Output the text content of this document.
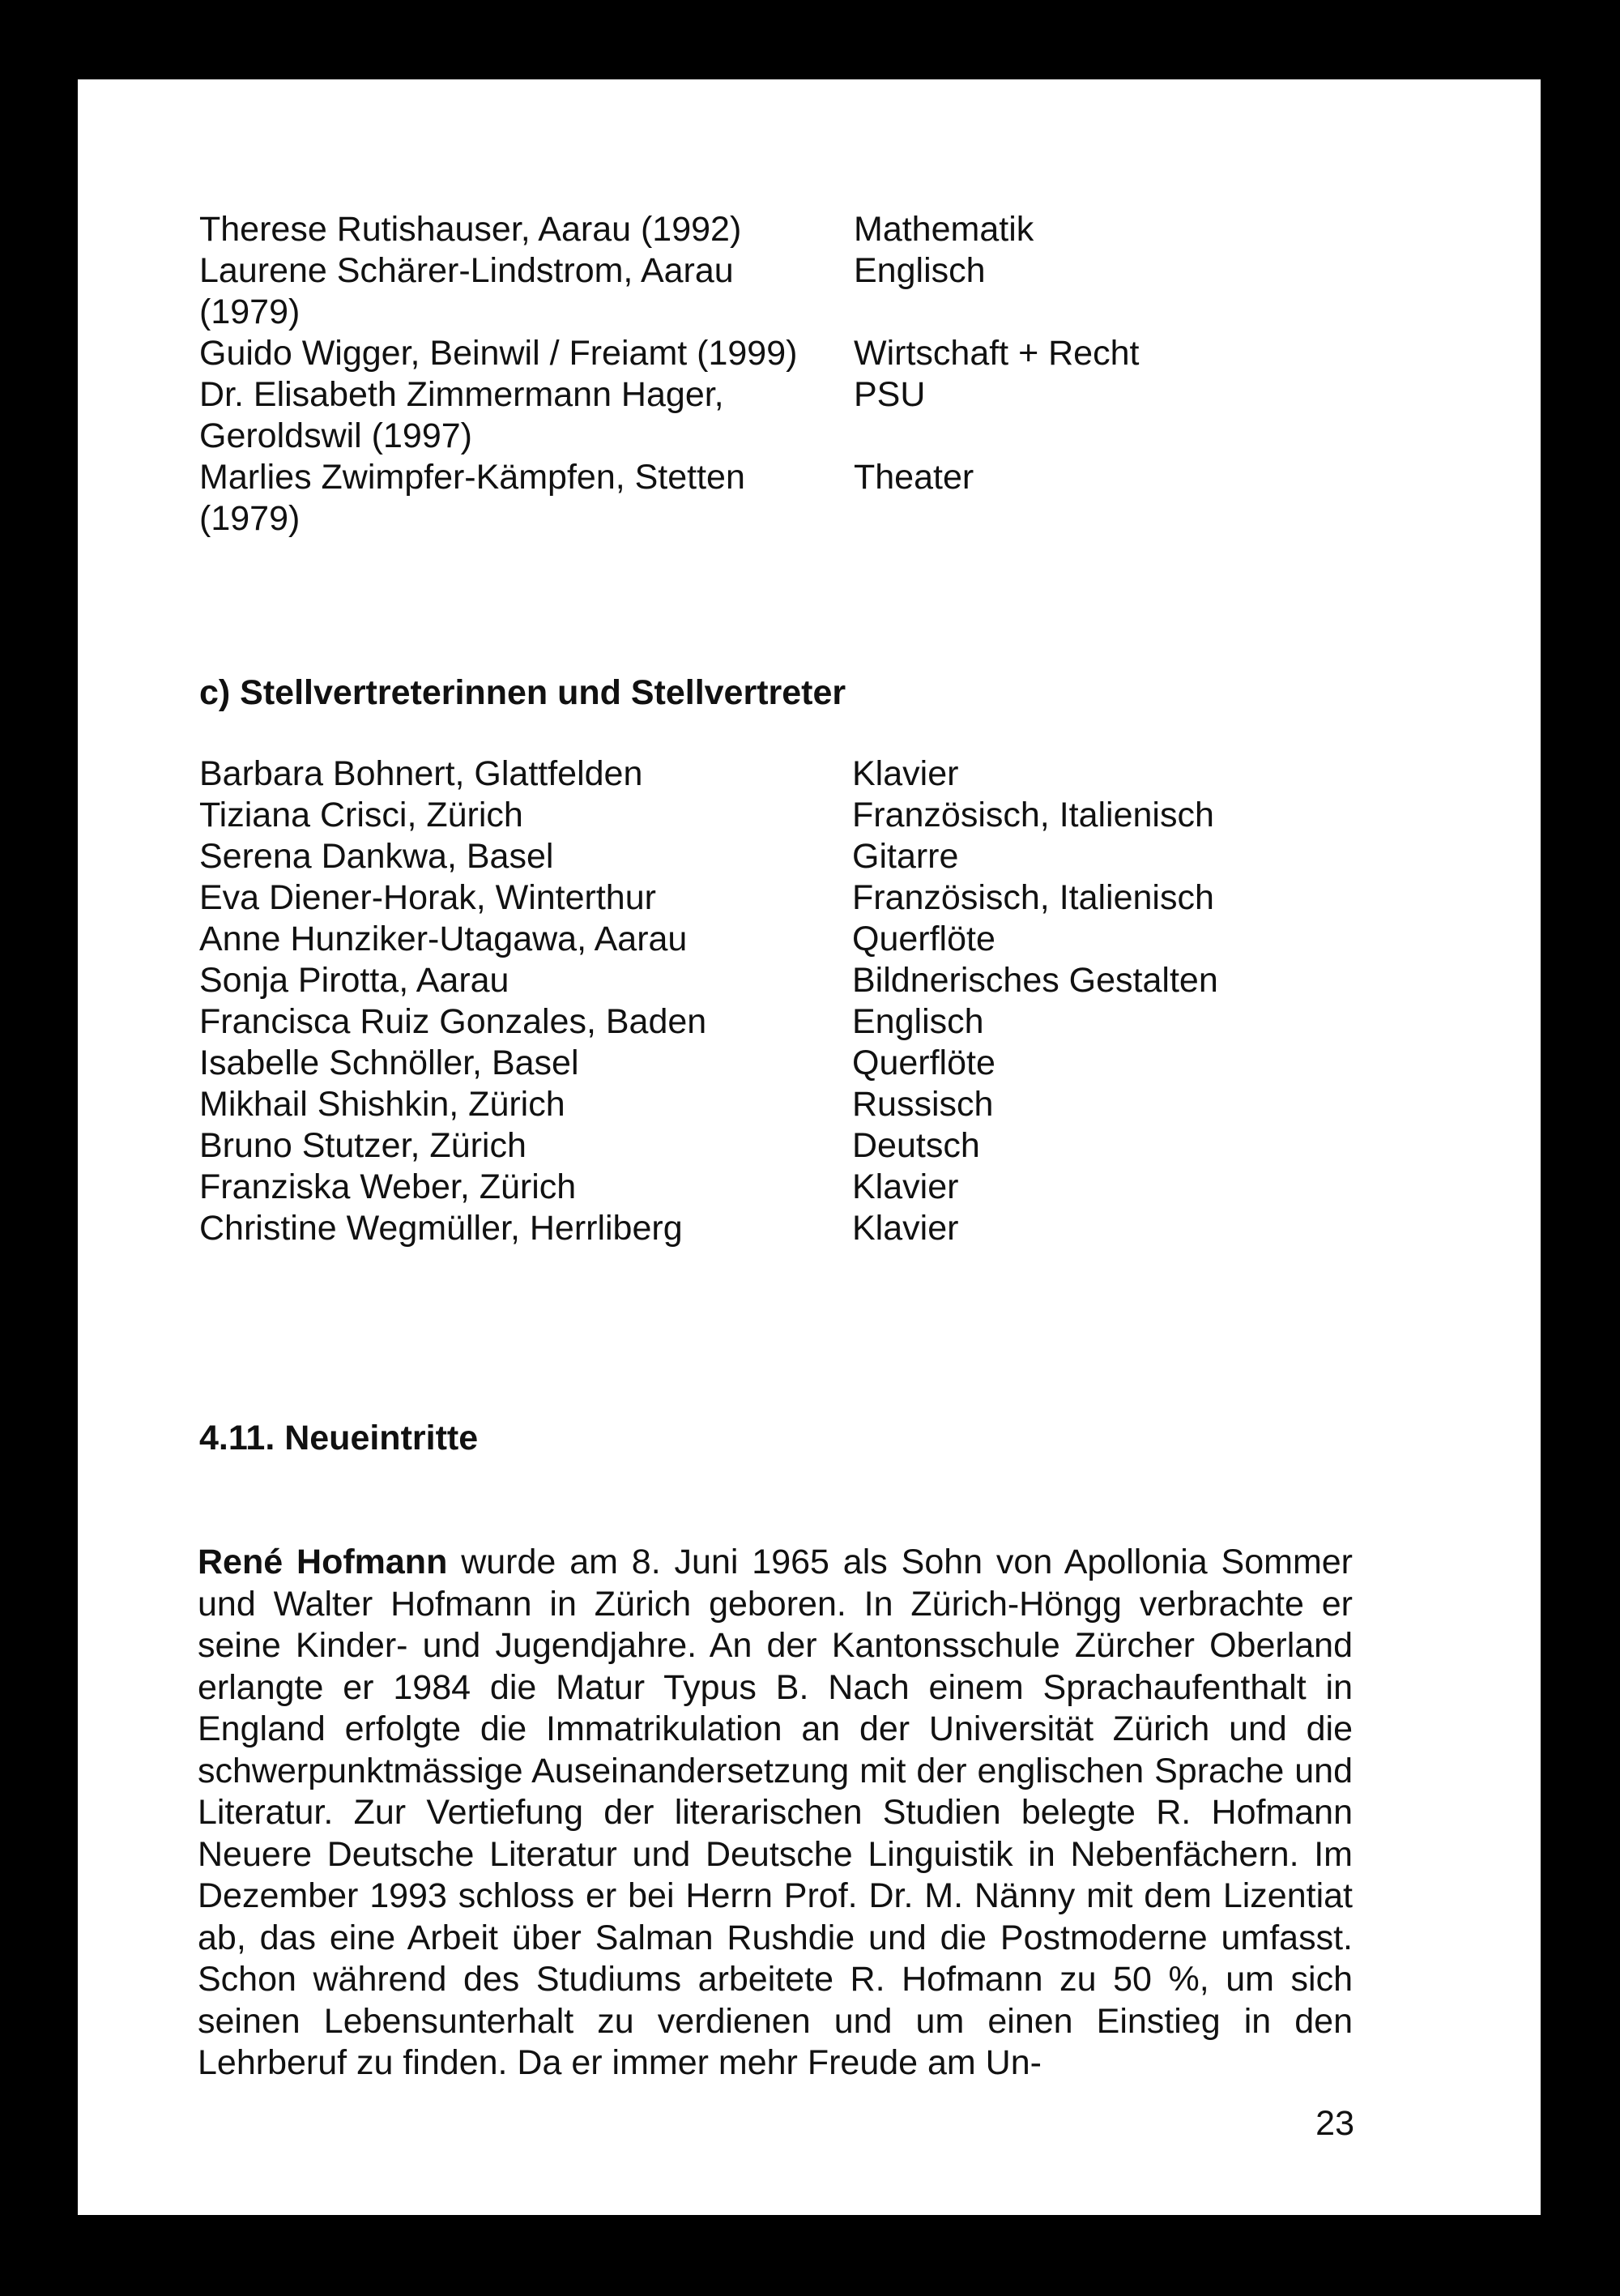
Therese Rutishauser, Aarau (1992)	Mathematik
Laurene Schärer-Lindstrom, Aarau	Englisch
(1979)
Guido Wigger, Beinwil / Freiamt (1999)	Wirtschaft + Recht
Dr. Elisabeth Zimmermann Hager,	PSU
Geroldswil (1997)
Marlies Zwimpfer-Kämpfen, Stetten	Theater
(1979)
c) Stellvertreterinnen und Stellvertreter
Barbara Bohnert, Glattfelden	Klavier
Tiziana Crisci, Zürich	Französisch, Italienisch
Serena Dankwa, Basel	Gitarre
Eva Diener-Horak, Winterthur	Französisch, Italienisch
Anne Hunziker-Utagawa, Aarau	Querflöte
Sonja Pirotta, Aarau	Bildnerisches Gestalten
Francisca Ruiz Gonzales, Baden	Englisch
Isabelle Schnöller, Basel	Querflöte
Mikhail Shishkin, Zürich	Russisch
Bruno Stutzer, Zürich	Deutsch
Franziska Weber, Zürich	Klavier
Christine Wegmüller, Herrliberg	Klavier
4.11. Neueintritte

René Hofmann wurde am 8. Juni 1965 als Sohn von Apollonia Sommer und Walter Hofmann in Zürich geboren. In Zürich-Höngg verbrachte er seine Kinder- und Jugendjahre. An der Kantonsschule Zürcher Oberland erlangte er 1984 die Matur Typus B. Nach einem Sprachaufenthalt in England erfolgte die Immatrikulation an der Universität Zürich und die schwerpunktmässige Auseinandersetzung mit der englischen Sprache und Literatur. Zur Vertiefung der literarischen Studien belegte R. Hofmann Neuere Deutsche Literatur und Deutsche Linguistik in Nebenfächern. Im Dezember 1993 schloss er bei Herrn Prof. Dr. M. Nänny mit dem Lizentiat ab, das eine Arbeit über Salman Rushdie und die Postmoderne umfasst. Schon während des Studiums arbeitete R. Hofmann zu 50 %, um sich seinen Lebensunterhalt zu verdienen und um einen Einstieg in den Lehrberuf zu finden. Da er immer mehr Freude am Un-

23
